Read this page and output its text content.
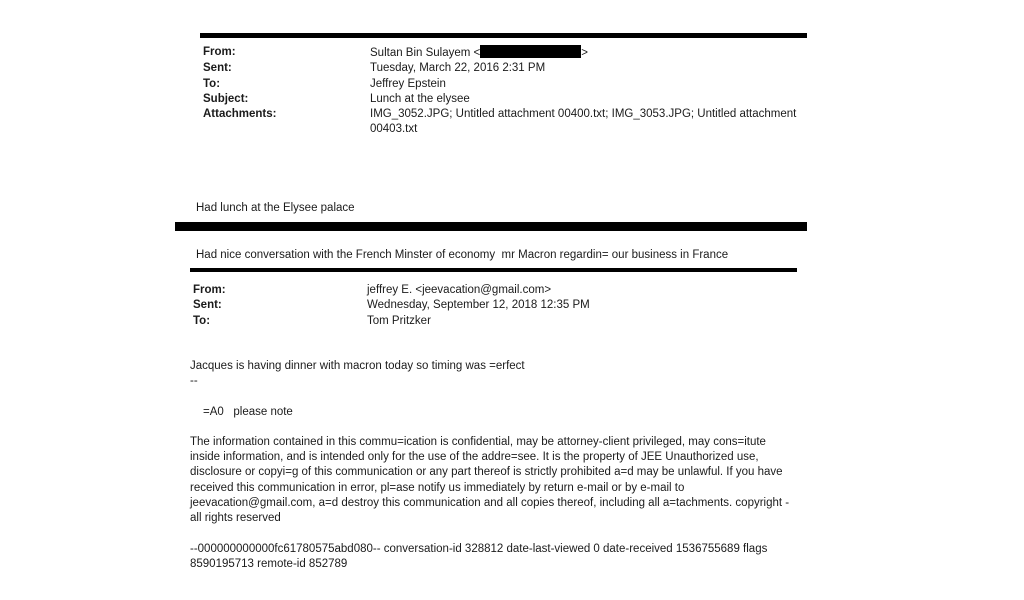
From:	Sultan Bin Sulayem <	>
Sent:	Tuesday, March 22, 2016 2:31 PM
To:	Jeffrey Epstein
Subject:	Lunch at the elysee
Attachments:	IMG_3052.JPG; Untitled attachment 00400.txt; IMG_3053.JPG; Untitled attachment 00403.txt

Had lunch at the Elysee palace

Had nice conversation with the French Minster of economy  mr Macron regardin= our business in France

From:	jeffrey E. <jeevacation@gmail.com>
Sent:	Wednesday, September 12, 2018 12:35 PM
To:	Tom Pritzker

Jacques is having dinner with macron today so timing was =erfect

--

=A0   please note

The information contained in this commu=ication is confidential, may be attorney-client privileged, may cons=itute inside information, and is intended only for the use of the addre=see. It is the property of JEE Unauthorized use, disclosure or copyi=g of this communication or any part thereof is strictly prohibited a=d may be unlawful. If you have received this communication in error, pl=ase notify us immediately by return e-mail or by e-mail to jeevacation@gmail.com, a=d destroy this communication and all copies thereof, including all a=tachments. copyright -all rights reserved

--000000000000fc61780575abd080-- conversation-id 328812 date-last-viewed 0 date-received 1536755689 flags 8590195713 remote-id 852789
